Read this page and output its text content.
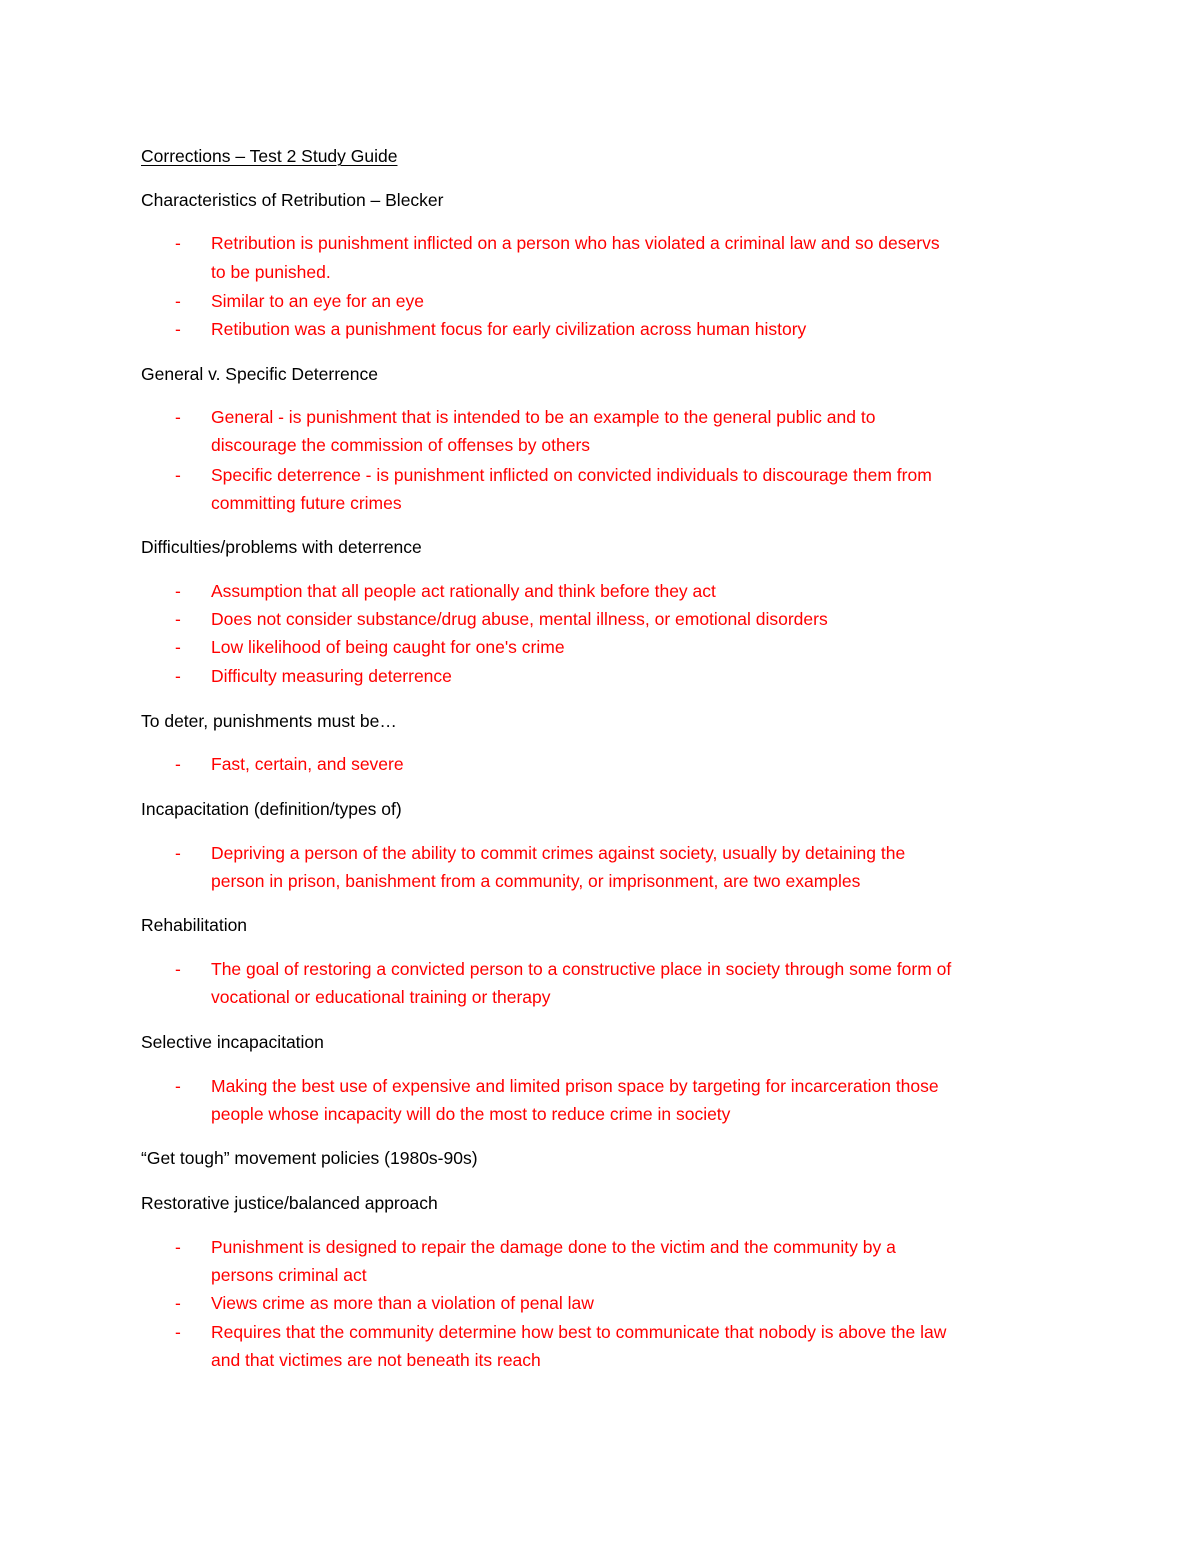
Corrections – Test 2 Study Guide
Characteristics of Retribution – Blecker
-	Retribution is punishment inflicted on a person who has violated a criminal law and so deservs
to be punished.
-	Similar to an eye for an eye
-	Retibution was a punishment focus for early civilization across human history
General v. Specific Deterrence
-	General - is punishment that is intended to be an example to the general public and to
discourage the commission of offenses by others
-	Specific deterrence - is punishment inflicted on convicted individuals to discourage them from
committing future crimes
Difficulties/problems with deterrence
-	Assumption that all people act rationally and think before they act
-	Does not consider substance/drug abuse, mental illness, or emotional disorders
-	Low likelihood of being caught for one's crime
-	Difficulty measuring deterrence
To deter, punishments must be…
-	Fast, certain, and severe
Incapacitation (definition/types of)
-	Depriving a person of the ability to commit crimes against society, usually by detaining the
person in prison, banishment from a community, or imprisonment, are two examples
Rehabilitation
-	The goal of restoring a convicted person to a constructive place in society through some form of
vocational or educational training or therapy
Selective incapacitation
-	Making the best use of expensive and limited prison space by targeting for incarceration those
people whose incapacity will do the most to reduce crime in society
“Get tough” movement policies (1980s-90s)
Restorative justice/balanced approach
-	Punishment is designed to repair the damage done to the victim and the community by a
persons criminal act
-	Views crime as more than a violation of penal law
-	Requires that the community determine how best to communicate that nobody is above the law
and that victimes are not beneath its reach
